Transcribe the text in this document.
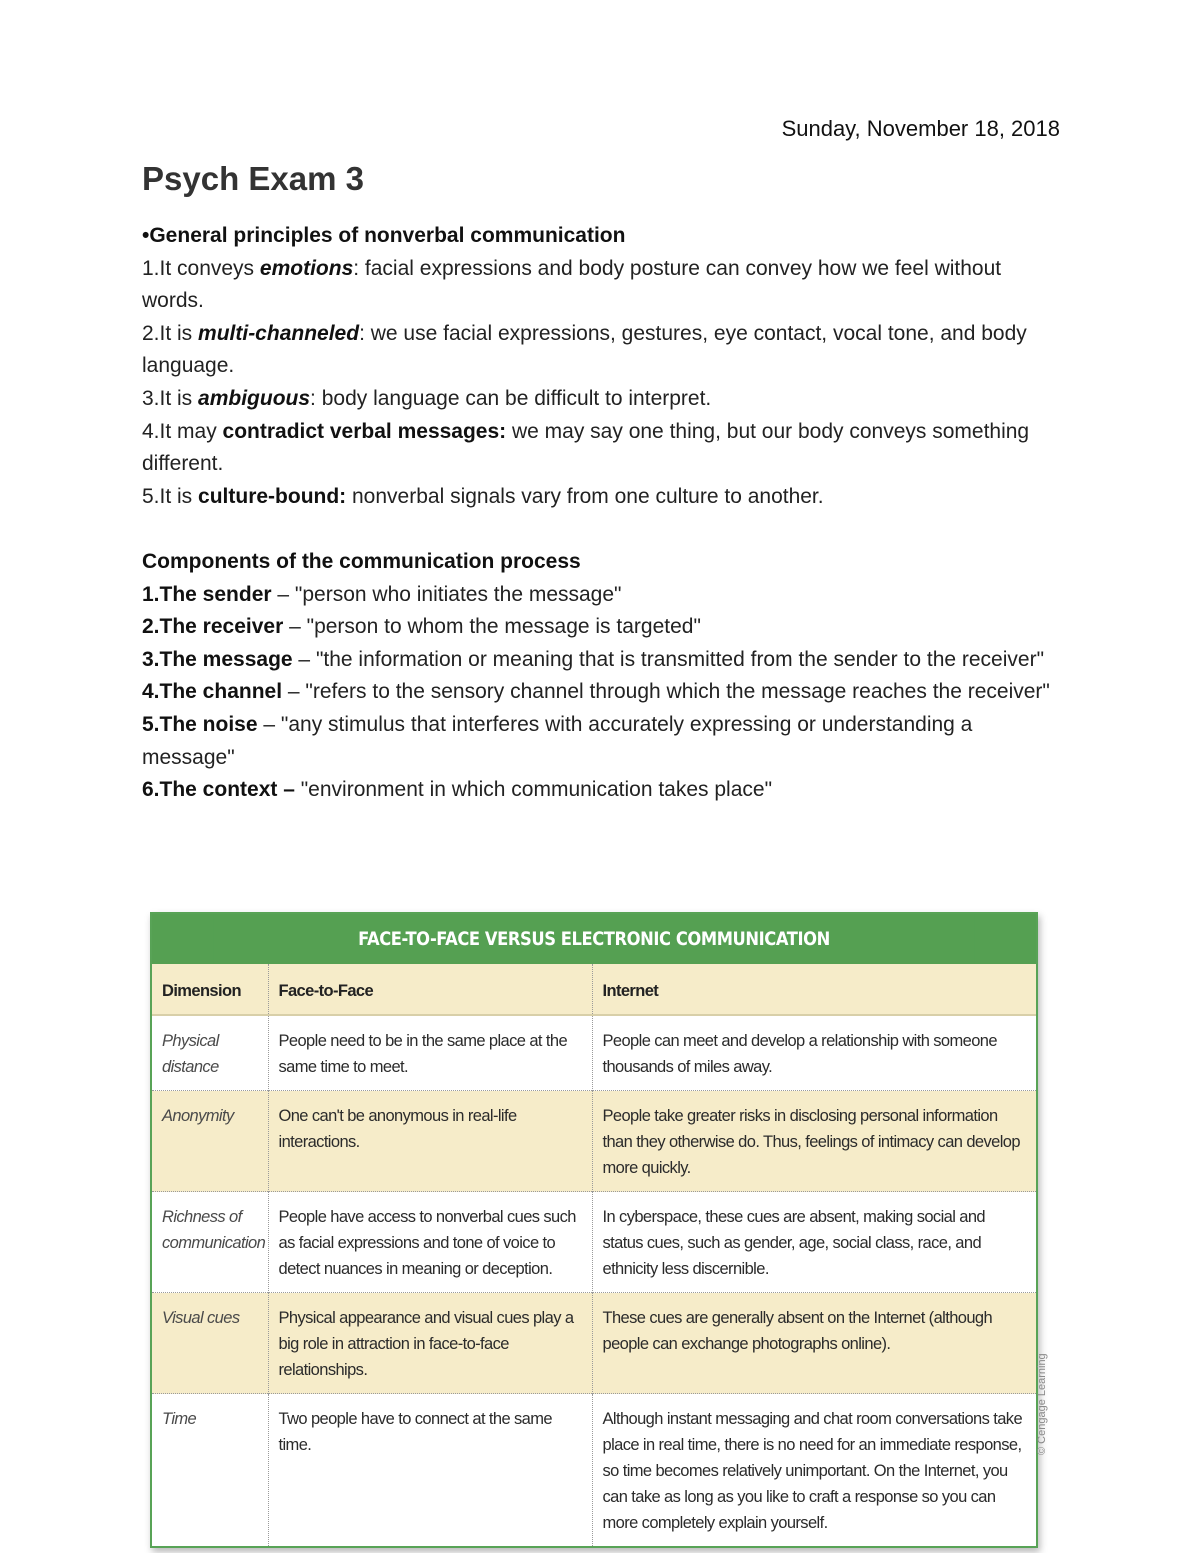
Sunday, November 18, 2018
Psych Exam 3

•General principles of nonverbal communication

1.It conveys emotions: facial expressions and body posture can convey how we feel without words.

2.It is multi-channeled: we use facial expressions, gestures, eye contact, vocal tone, and body language.

3.It is ambiguous: body language can be difficult to interpret.

4.It may contradict verbal messages: we may say one thing, but our body conveys something different.

5.It is culture-bound: nonverbal signals vary from one culture to another.

Components of the communication process

1.The sender – "person who initiates the message"

2.The receiver – "person to whom the message is targeted"

3.The message – "the information or meaning that is transmitted from the sender to the receiver"

4.The channel – "refers to the sensory channel through which the message reaches the receiver"

5.The noise – "any stimulus that interferes with accurately expressing or understanding a message"

6.The context – "environment in which communication takes place"

FACE-TO-FACE VERSUS ELECTRONIC COMMUNICATION
Dimension	Face-to-Face	Internet
Physical distance	People need to be in the same place at the same time to meet.	People can meet and develop a relationship with someone thousands of miles away.
Anonymity	One can't be anonymous in real-life interactions.	People take greater risks in disclosing personal information than they otherwise do. Thus, feelings of intimacy can develop more quickly.
Richness of communication	People have access to nonverbal cues such as facial expressions and tone of voice to detect nuances in meaning or deception.	In cyberspace, these cues are absent, making social and status cues, such as gender, age, social class, race, and ethnicity less discernible.
Visual cues	Physical appearance and visual cues play a big role in attraction in face-to-face relationships.	These cues are generally absent on the Internet (although people can exchange photographs online).
Time	Two people have to connect at the same time.	Although instant messaging and chat room conversations take place in real time, there is no need for an immediate response, so time becomes relatively unimportant. On the Internet, you can take as long as you like to craft a response so you can more completely explain yourself.
© Cengage Learning
